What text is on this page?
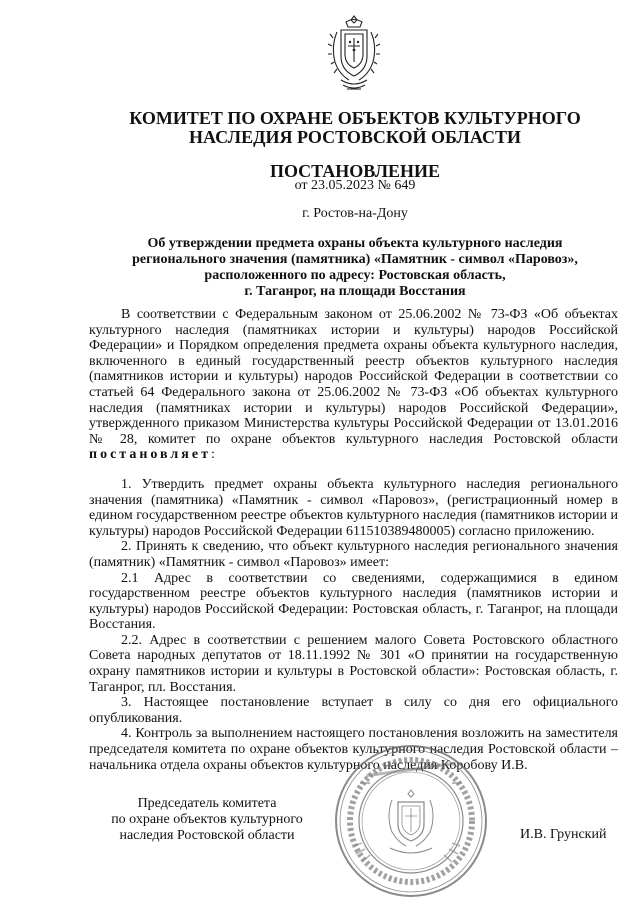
КОМИТЕТ ПО ОХРАНЕ ОБЪЕКТОВ КУЛЬТУРНОГО
НАСЛЕДИЯ РОСТОВСКОЙ ОБЛАСТИ
ПОСТАНОВЛЕНИЕ
от 23.05.2023 № 649
г. Ростов-на-Дону
Об утверждении предмета охраны объекта культурного наследия
регионального значения (памятника) «Памятник - символ «Паровоз»,
расположенного по адресу: Ростовская область,
г. Таганрог, на площади Восстания

В соответствии с Федеральным законом от 25.06.2002 № 73-ФЗ «Об объектах культурного наследия (памятниках истории и культуры) народов Российской Федерации» и Порядком определения предмета охраны объекта культурного наследия, включенного в единый государственный реестр объектов культурного наследия (памятников истории и культуры) народов Российской Федерации в соответствии со статьей 64 Федерального закона от 25.06.2002 № 73-ФЗ «Об объектах культурного наследия (памятниках истории и культуры) народов Российской Федерации», утвержденного приказом Министерства культуры Российской Федерации от 13.01.2016 № 28, комитет по охране объектов культурного наследия Ростовской области постановляет:

1. Утвердить предмет охраны объекта культурного наследия регионального значения (памятника) «Памятник - символ «Паровоз», (регистрационный номер в едином государственном реестре объектов культурного наследия (памятников истории и культуры) народов Российской Федерации 611510389480005) согласно приложению.

2. Принять к сведению, что объект культурного наследия регионального значения (памятник) «Памятник - символ «Паровоз» имеет:

2.1 Адрес в соответствии со сведениями, содержащимися в едином государственном реестре объектов культурного наследия (памятников истории и культуры) народов Российской Федерации: Ростовская область, г. Таганрог, на площади Восстания.

2.2. Адрес в соответствии с решением малого Совета Ростовского областного Совета народных депутатов от 18.11.1992 № 301 «О принятии на государственную охрану памятников истории и культуры в Ростовской области»: Ростовская область, г. Таганрог, пл. Восстания.

3. Настоящее постановление вступает в силу со дня его официального опубликования.

4. Контроль за выполнением настоящего постановления возложить на заместителя председателя комитета по охране объектов культурного наследия Ростовской области – начальника отдела охраны объектов культурного наследия Коробову И.В.

Председатель комитета
по охране объектов культурного
наследия Ростовской области	И.В. Грунский
